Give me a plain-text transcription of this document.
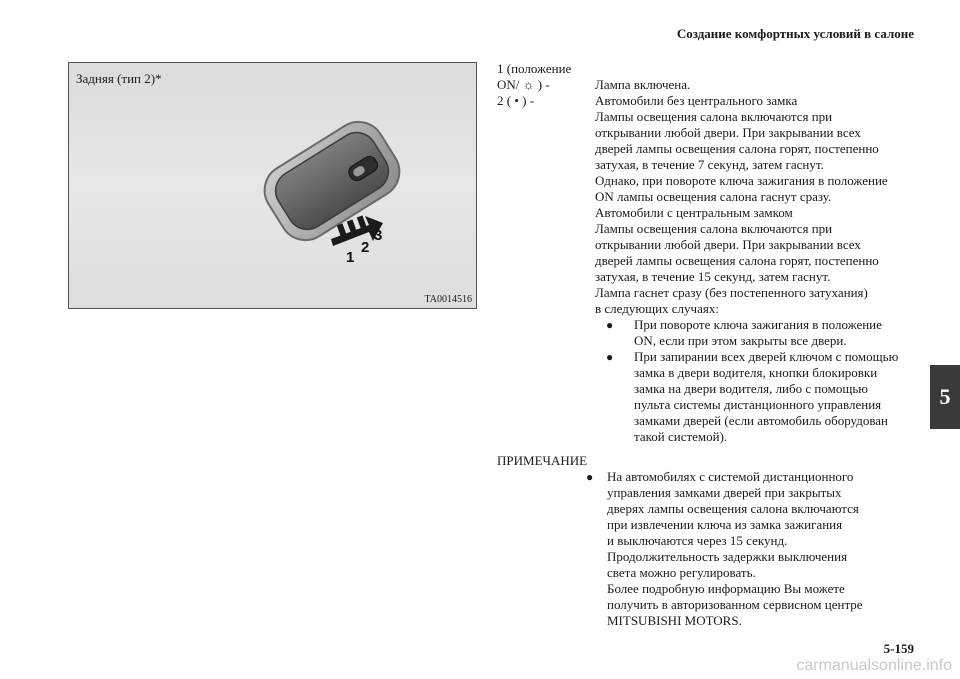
Создание комфортных условий в салоне
1
2
3
Задняя (тип 2)*
TA0014516
1 (положение
ON/ ☼ ) -
	Лампа включена.
2 ( • ) -	Автомобили без центрального замка
Лампы освещения салона включаются при
открывании любой двери. При закрывании всех
дверей лампы освещения салона горят, постепенно
затухая, в течение 7 секунд, затем гаснут.
Однако, при повороте ключа зажигания в положение
ON лампы освещения салона гаснут сразу.
Автомобили с центральным замком
Лампы освещения салона включаются при
открывании любой двери. При закрывании всех
дверей лампы освещения салона горят, постепенно
затухая, в течение 15 секунд, затем гаснут.
Лампа гаснет сразу (без постепенного затухания)
в следующих случаях:
●	При повороте ключа зажигания в положение
ON, если при этом закрыты все двери.
●	При запирании всех дверей ключом с помощью
замка в двери водителя, кнопки блокировки
замка на двери водителя, либо с помощью
пульта системы дистанционного управления
замками дверей (если автомобиль оборудован
такой системой).
ПРИМЕЧАНИЕ
●	На автомобилях с системой дистанционного
управления замками дверей при закрытых
дверях лампы освещения салона включаются
при извлечении ключа из замка зажигания
и выключаются через 15 секунд.
Продолжительность задержки выключения
света можно регулировать.
Более подробную информацию Вы можете
получить в авторизованном сервисном центре
MITSUBISHI MOTORS.
5
5-159
carmanualsonline.info
